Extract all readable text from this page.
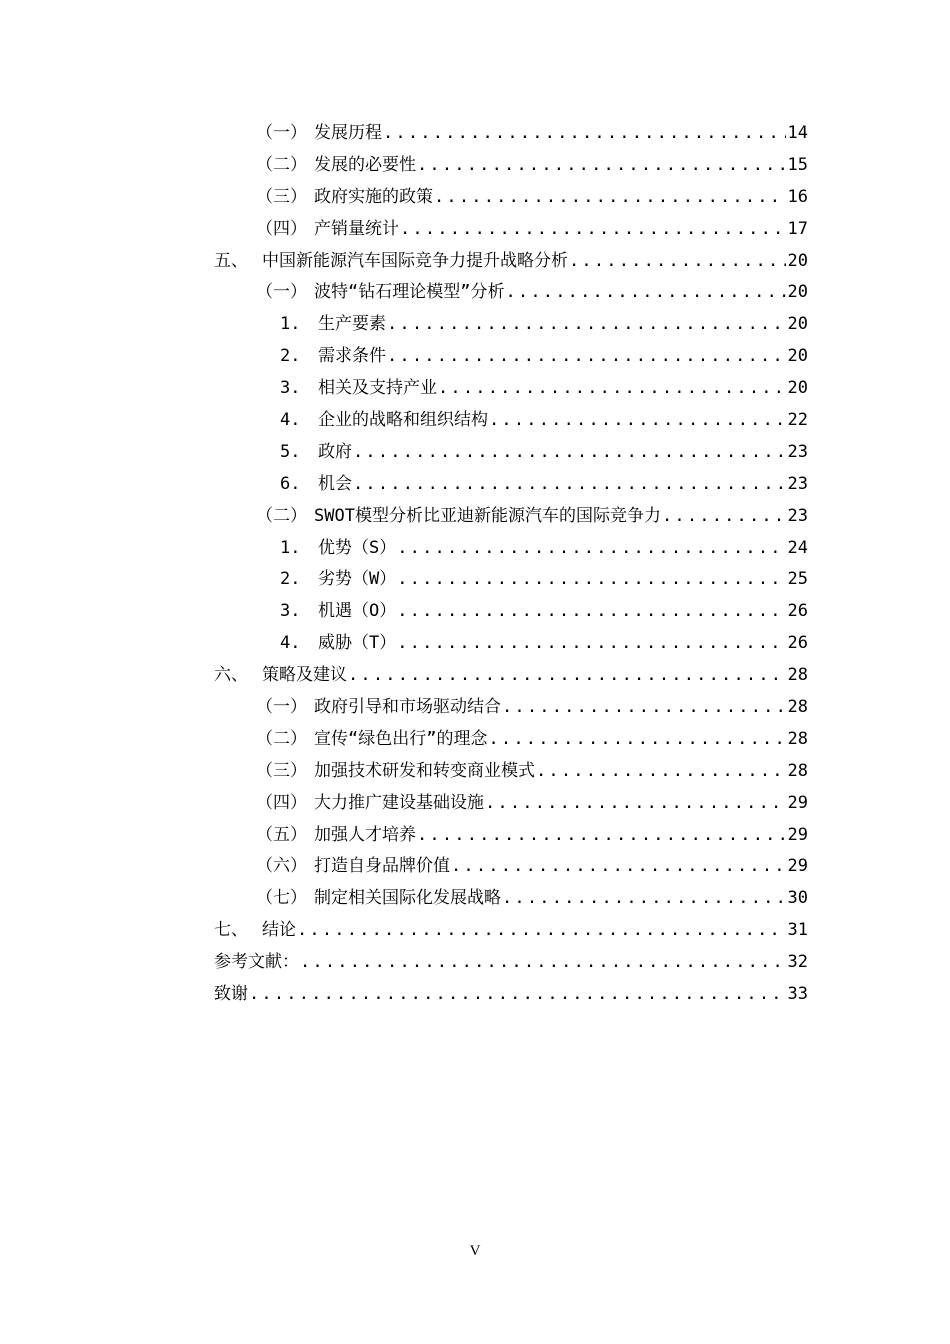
（一） 发展历程 .....	14
（二） 发展的必要性 .....	15
（三） 政府实施的政策 .....	16
（四） 产销量统计 .....	17
五、 中国新能源汽车国际竞争力提升战略分析 .....	20
（一） 波特“钻石理论模型”分析 .....	20
1.	生产要素 .....	20
2.	需求条件 .....	20
3.	相关及支持产业 .....	20
4.	企业的战略和组织结构 .....	22
5.	政府 .....	23
6.	机会 .....	23
（二） SWOT模型分析比亚迪新能源汽车的国际竞争力 .....	23
1.	优势（S） .....	24
2.	劣势（W） .....	25
3.	机遇（O） .....	26
4.	威胁（T） .....	26
六、 策略及建议 .....	28
（一） 政府引导和市场驱动结合 .....	28
（二） 宣传“绿色出行”的理念 .....	28
（三） 加强技术研发和转变商业模式 .....	28
（四） 大力推广建设基础设施 .....	29
（五） 加强人才培养 .....	29
（六） 打造自身品牌价值 .....	29
（七） 制定相关国际化发展战略 .....	30
七、 结论 .....	31
参考文献： .....	32
致谢 .....	33
V
